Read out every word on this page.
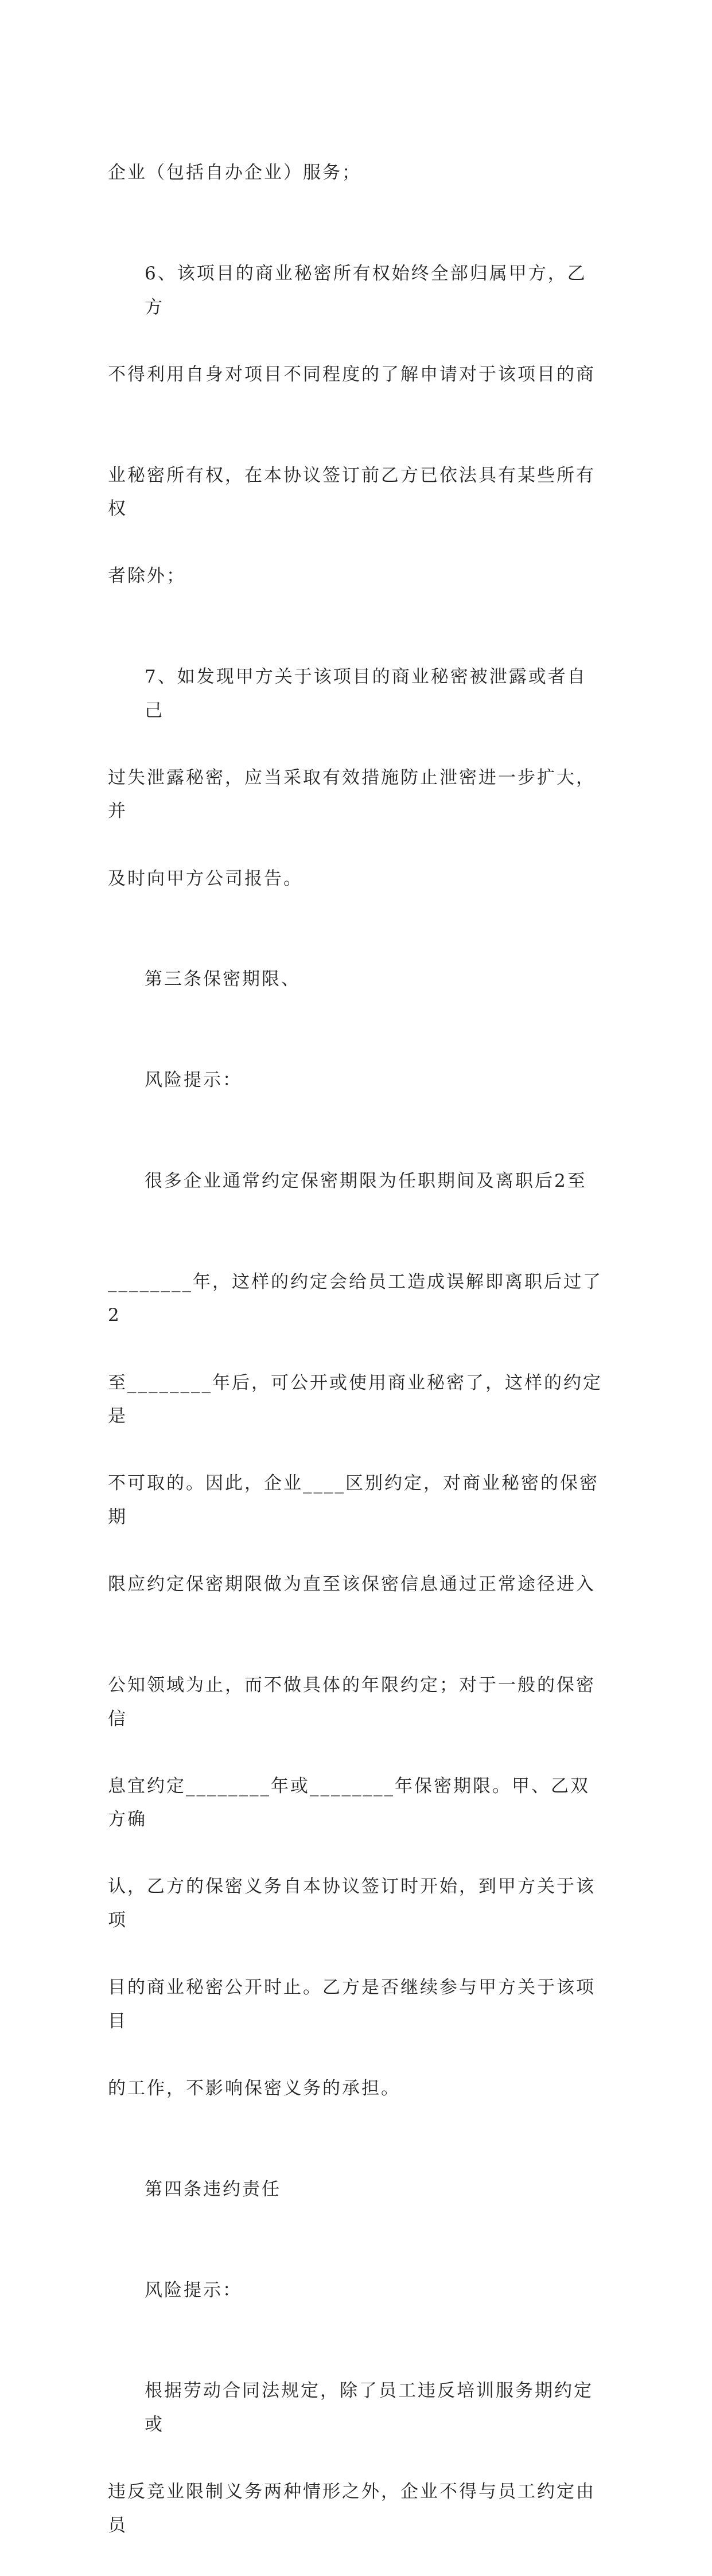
企业（包括自办企业）服务；

6、该项目的商业秘密所有权始终全部归属甲方，乙方

不得利用自身对项目不同程度的了解申请对于该项目的商

业秘密所有权，在本协议签订前乙方已依法具有某些所有权

者除外；

7、如发现甲方关于该项目的商业秘密被泄露或者自己

过失泄露秘密，应当采取有效措施防止泄密进一步扩大，并

及时向甲方公司报告。

第三条保密期限、

风险提示：

很多企业通常约定保密期限为任职期间及离职后2至

________年，这样的约定会给员工造成误解即离职后过了2

至________年后，可公开或使用商业秘密了，这样的约定是

不可取的。因此，企业____区别约定，对商业秘密的保密期

限应约定保密期限做为直至该保密信息通过正常途径进入

公知领域为止，而不做具体的年限约定；对于一般的保密信

息宜约定________年或________年保密期限。甲、乙双方确

认，乙方的保密义务自本协议签订时开始，到甲方关于该项

目的商业秘密公开时止。乙方是否继续参与甲方关于该项目

的工作，不影响保密义务的承担。

第四条违约责任

风险提示：

根据劳动合同法规定，除了员工违反培训服务期约定或

违反竞业限制义务两种情形之外，企业不得与员工约定由员
